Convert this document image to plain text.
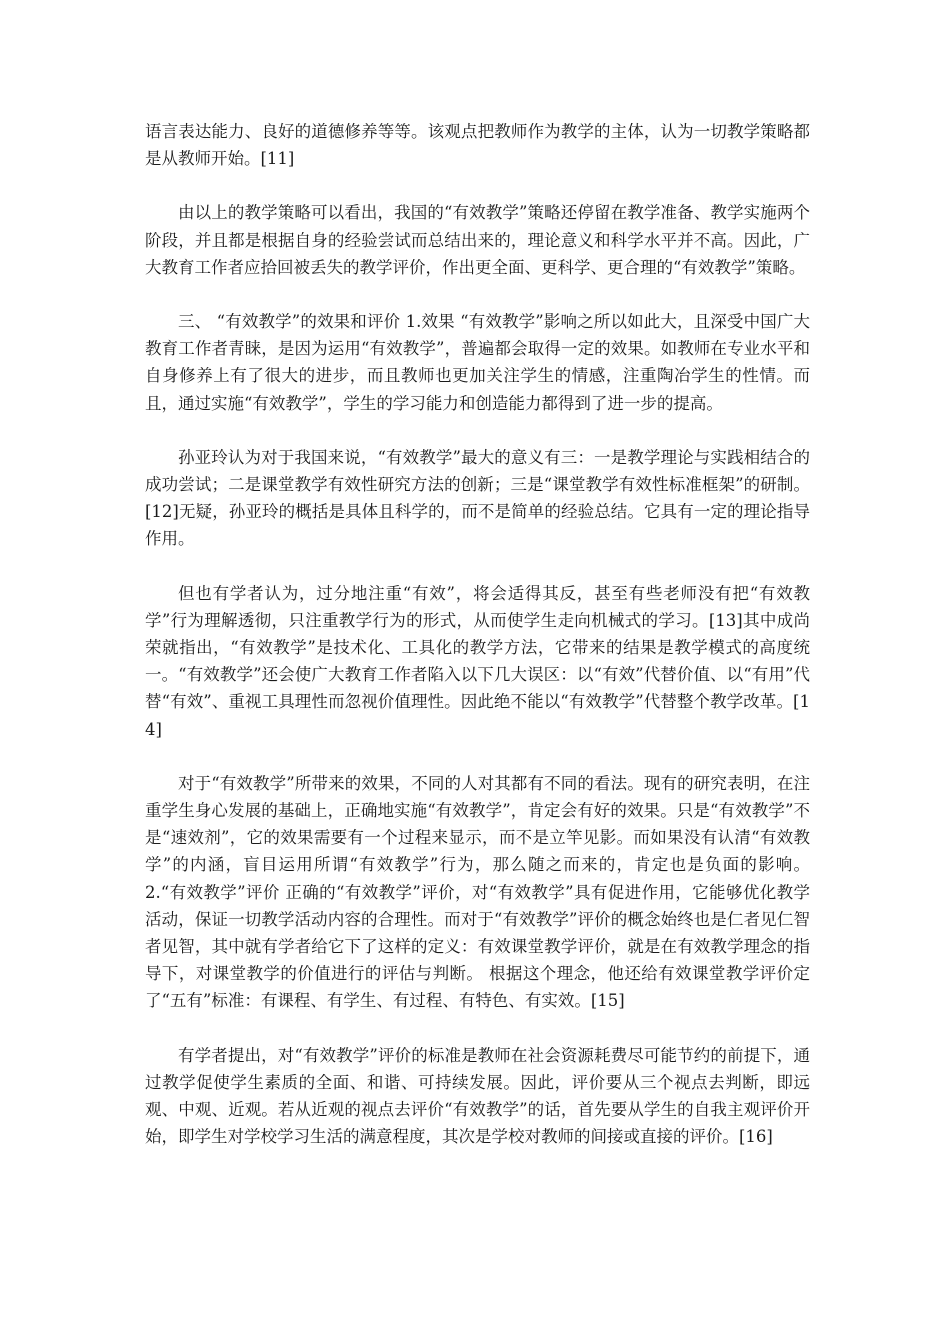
语言表达能力、良好的道德修养等等。该观点把教师作为教学的主体，认为一切教学策略都是从教师开始。[11]

由以上的教学策略可以看出，我国的“有效教学”策略还停留在教学准备、教学实施两个阶段，并且都是根据自身的经验尝试而总结出来的，理论意义和科学水平并不高。因此，广大教育工作者应拾回被丢失的教学评价，作出更全面、更科学、更合理的“有效教学”策略。

三、 “有效教学”的效果和评价 1.效果 “有效教学”影响之所以如此大，且深受中国广大教育工作者青睐，是因为运用“有效教学”，普遍都会取得一定的效果。如教师在专业水平和自身修养上有了很大的进步，而且教师也更加关注学生的情感，注重陶冶学生的性情。而且，通过实施“有效教学”，学生的学习能力和创造能力都得到了进一步的提高。

孙亚玲认为对于我国来说，“有效教学”最大的意义有三：一是教学理论与实践相结合的成功尝试；二是课堂教学有效性研究方法的创新；三是“课堂教学有效性标准框架”的研制。[12]无疑，孙亚玲的概括是具体且科学的，而不是简单的经验总结。它具有一定的理论指导作用。

但也有学者认为，过分地注重“有效”，将会适得其反，甚至有些老师没有把“有效教学”行为理解透彻，只注重教学行为的形式，从而使学生走向机械式的学习。[13]其中成尚荣就指出，“有效教学”是技术化、工具化的教学方法，它带来的结果是教学模式的高度统一。“有效教学”还会使广大教育工作者陷入以下几大误区：以“有效”代替价值、以“有用”代替“有效”、重视工具理性而忽视价值理性。因此绝不能以“有效教学”代替整个教学改革。[14]

对于“有效教学”所带来的效果，不同的人对其都有不同的看法。现有的研究表明，在注重学生身心发展的基础上，正确地实施“有效教学”，肯定会有好的效果。只是“有效教学”不是“速效剂”，它的效果需要有一个过程来显示，而不是立竿见影。而如果没有认清“有效教学”的内涵，盲目运用所谓“有效教学”行为，那么随之而来的，肯定也是负面的影响。 2.“有效教学”评价 正确的“有效教学”评价，对“有效教学”具有促进作用，它能够优化教学活动，保证一切教学活动内容的合理性。而对于“有效教学”评价的概念始终也是仁者见仁智者见智，其中就有学者给它下了这样的定义：有效课堂教学评价，就是在有效教学理念的指导下，对课堂教学的价值进行的评估与判断。 根据这个理念，他还给有效课堂教学评价定了“五有”标准：有课程、有学生、有过程、有特色、有实效。[15]

有学者提出，对“有效教学”评价的标准是教师在社会资源耗费尽可能节约的前提下，通过教学促使学生素质的全面、和谐、可持续发展。因此，评价要从三个视点去判断，即远观、中观、近观。若从近观的视点去评价“有效教学”的话，首先要从学生的自我主观评价开始，即学生对学校学习生活的满意程度，其次是学校对教师的间接或直接的评价。[16]
